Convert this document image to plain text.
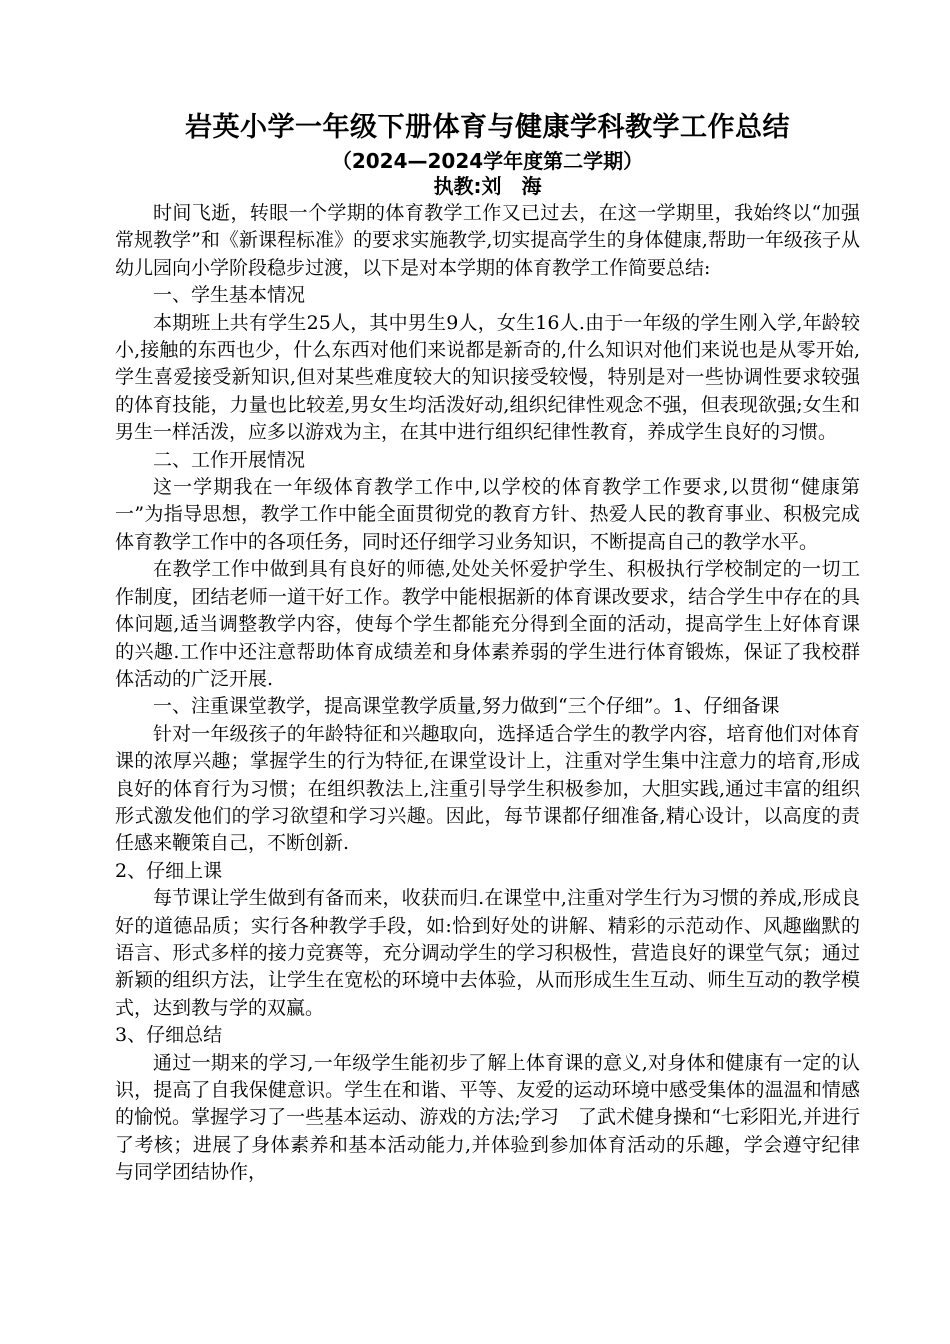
岩英小学一年级下册体育与健康学科教学工作总结
（2024—2024学年度第二学期）
执教:刘　海

时间飞逝，转眼一个学期的体育教学工作又已过去，在这一学期里，我始终以“加强常规教学”和《新课程标准》的要求实施教学,切实提高学生的身体健康,帮助一年级孩子从幼儿园向小学阶段稳步过渡，以下是对本学期的体育教学工作简要总结:

一、学生基本情况

本期班上共有学生25人，其中男生9人，女生16人.由于一年级的学生刚入学,年龄较小,接触的东西也少，什么东西对他们来说都是新奇的,什么知识对他们来说也是从零开始,学生喜爱接受新知识,但对某些难度较大的知识接受较慢，特别是对一些协调性要求较强的体育技能，力量也比较差,男女生均活泼好动,组织纪律性观念不强，但表现欲强;女生和男生一样活泼，应多以游戏为主，在其中进行组织纪律性教育，养成学生良好的习惯。

二、工作开展情况

这一学期我在一年级体育教学工作中,以学校的体育教学工作要求,以贯彻“健康第一”为指导思想，教学工作中能全面贯彻党的教育方针、热爱人民的教育事业、积极完成体育教学工作中的各项任务，同时还仔细学习业务知识，不断提高自己的教学水平。

在教学工作中做到具有良好的师德,处处关怀爱护学生、积极执行学校制定的一切工作制度，团结老师一道干好工作。教学中能根据新的体育课改要求，结合学生中存在的具体问题,适当调整教学内容，使每个学生都能充分得到全面的活动，提高学生上好体育课的兴趣.工作中还注意帮助体育成绩差和身体素养弱的学生进行体育锻炼，保证了我校群体活动的广泛开展.

一、注重课堂教学，提高课堂教学质量,努力做到“三个仔细”。1、仔细备课

针对一年级孩子的年龄特征和兴趣取向，选择适合学生的教学内容，培育他们对体育课的浓厚兴趣；掌握学生的行为特征,在课堂设计上，注重对学生集中注意力的培育,形成良好的体育行为习惯；在组织教法上,注重引导学生积极参加，大胆实践,通过丰富的组织形式激发他们的学习欲望和学习兴趣。因此，每节课都仔细准备,精心设计，以高度的责任感来鞭策自己，不断创新.

2、仔细上课

每节课让学生做到有备而来，收获而归.在课堂中,注重对学生行为习惯的养成,形成良好的道德品质；实行各种教学手段，如:恰到好处的讲解、精彩的示范动作、风趣幽默的语言、形式多样的接力竞赛等，充分调动学生的学习积极性，营造良好的课堂气氛；通过新颖的组织方法，让学生在宽松的环境中去体验，从而形成生生互动、师生互动的教学模式，达到教与学的双赢。

3、仔细总结

通过一期来的学习,一年级学生能初步了解上体育课的意义,对身体和健康有一定的认识，提高了自我保健意识。学生在和谐、平等、友爱的运动环境中感受集体的温温和情感的愉悦。掌握学习了一些基本运动、游戏的方法;学习　了武术健身操和“七彩阳光,并进行了考核；进展了身体素养和基本活动能力,并体验到参加体育活动的乐趣，学会遵守纪律与同学团结协作，
